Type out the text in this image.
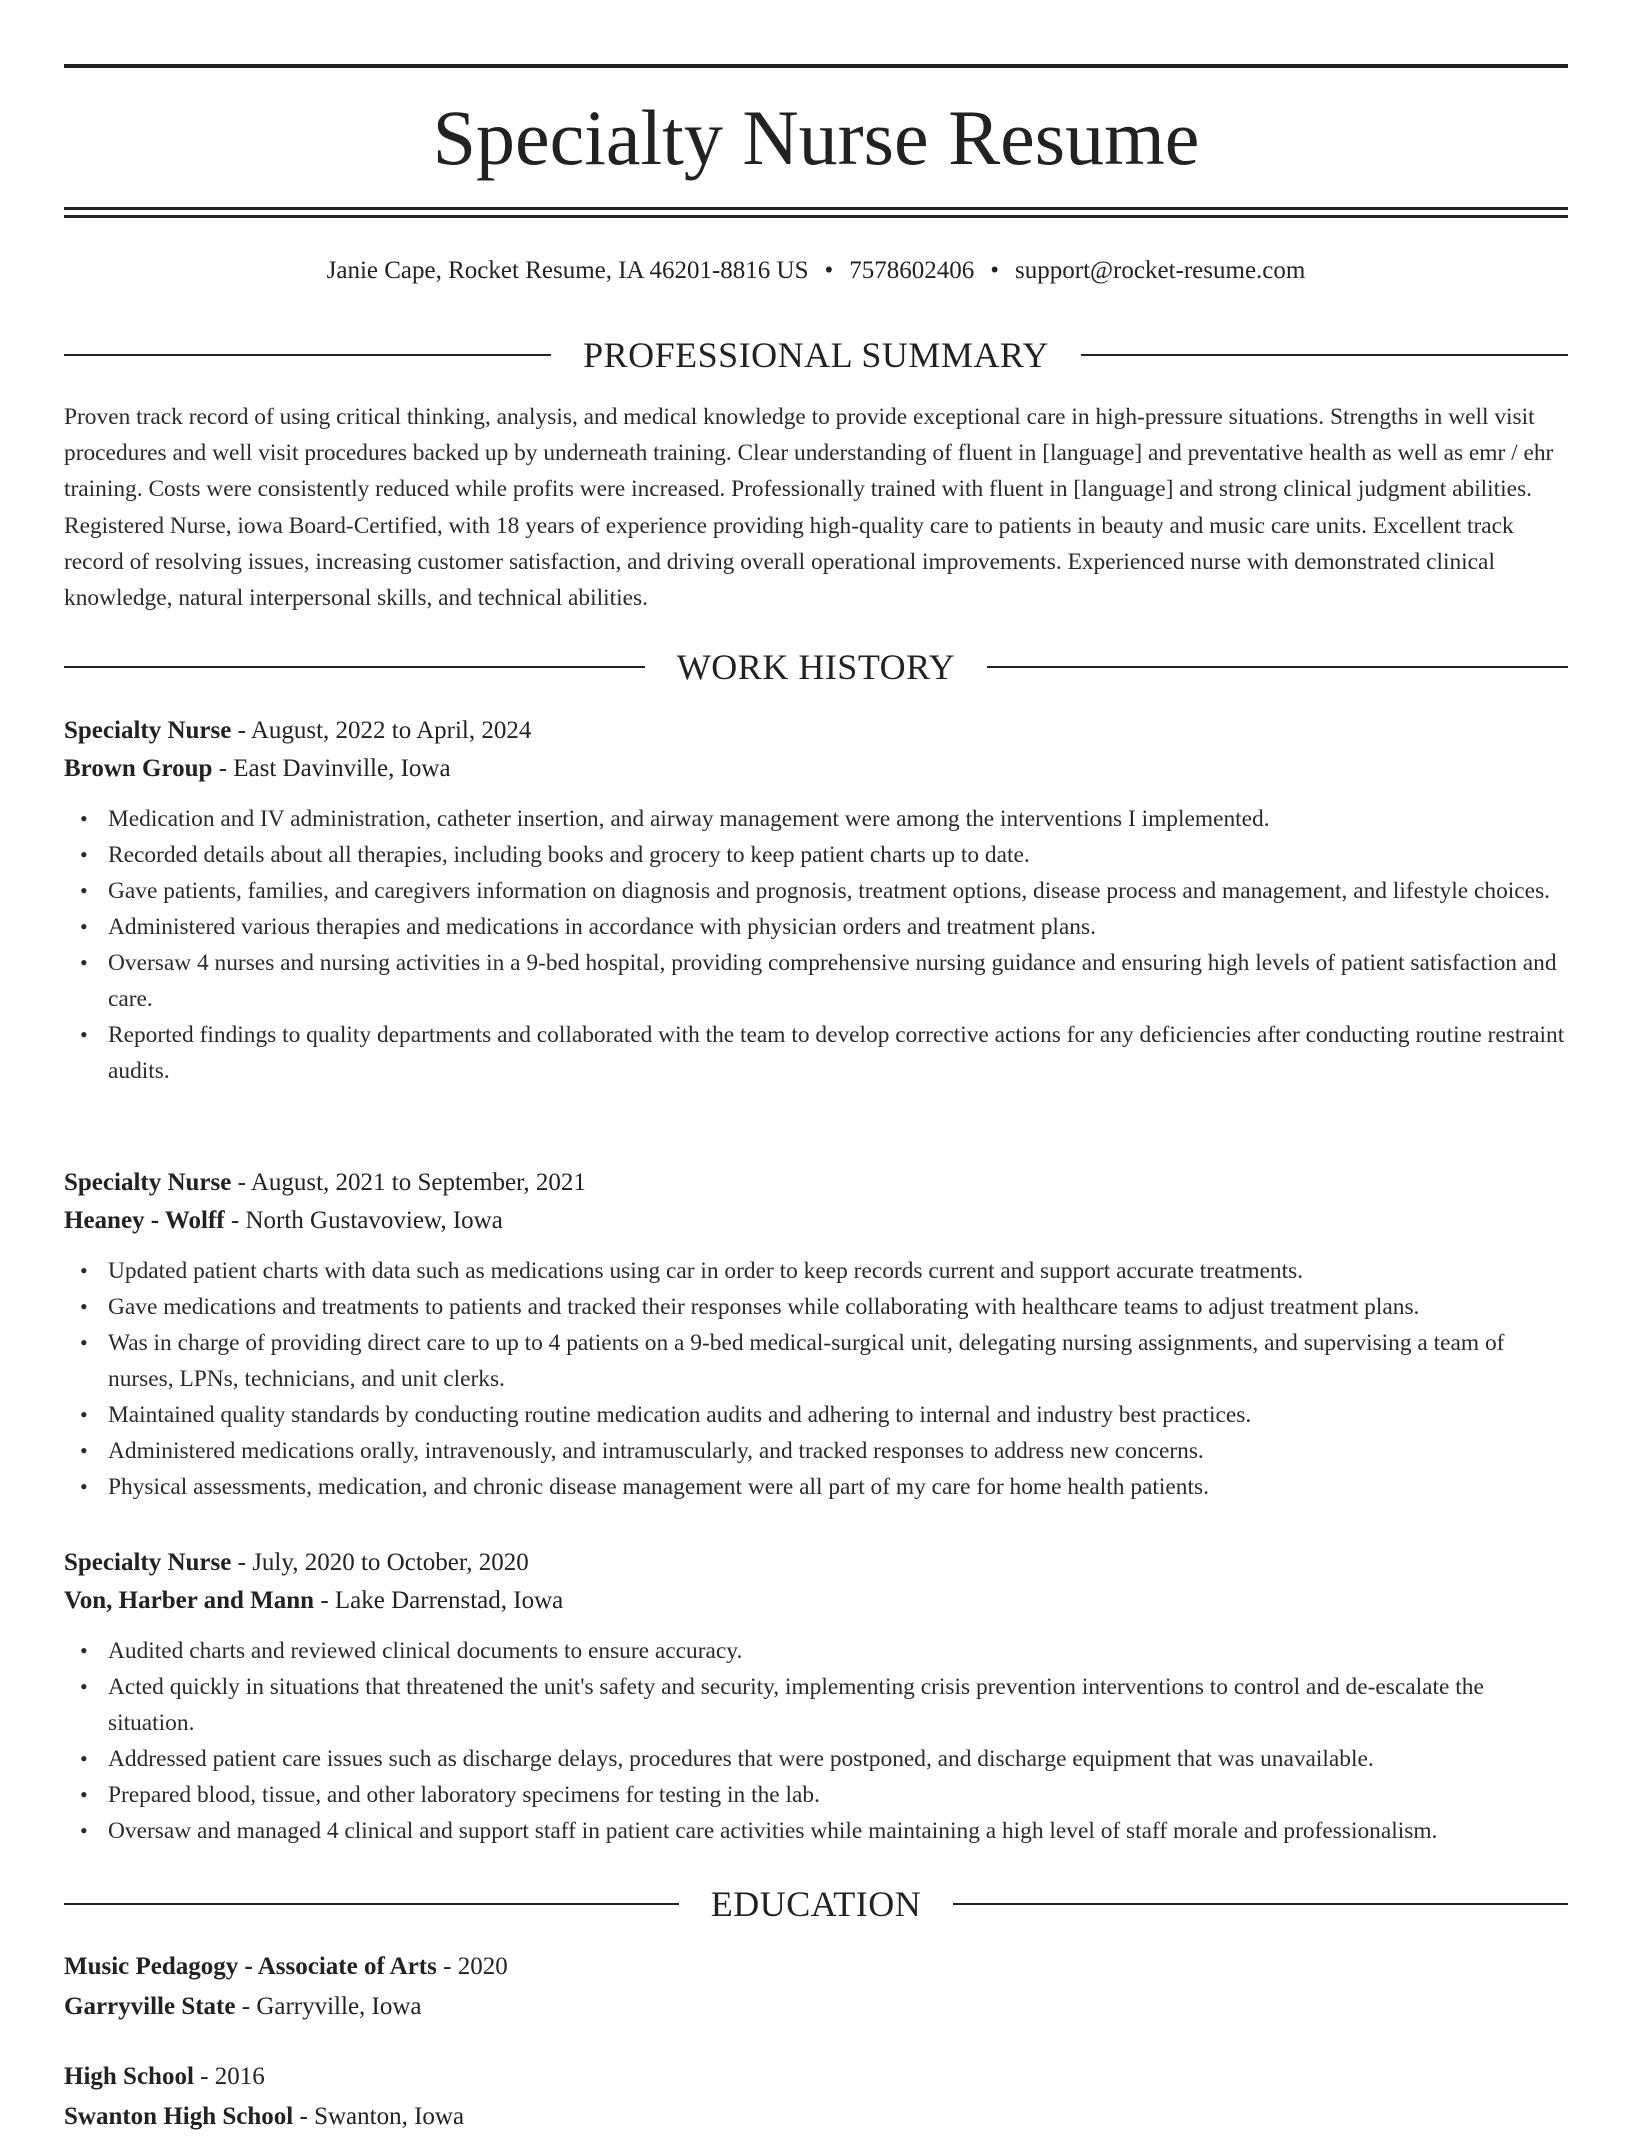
Specialty Nurse Resume
Janie Cape, Rocket Resume, IA 46201-8816 US • 7578602406 • support@rocket-resume.com
PROFESSIONAL SUMMARY

Proven track record of using critical thinking, analysis, and medical knowledge to provide exceptional care in high-pressure situations. Strengths in well visit procedures and well visit procedures backed up by underneath training. Clear understanding of fluent in [language] and preventative health as well as emr / ehr training. Costs were consistently reduced while profits were increased. Professionally trained with fluent in [language] and strong clinical judgment abilities. Registered Nurse, iowa Board-Certified, with 18 years of experience providing high-quality care to patients in beauty and music care units. Excellent track record of resolving issues, increasing customer satisfaction, and driving overall operational improvements. Experienced nurse with demonstrated clinical knowledge, natural interpersonal skills, and technical abilities.

WORK HISTORY
Specialty Nurse - August, 2022 to April, 2024
Brown Group - East Davinville, Iowa
• Medication and IV administration, catheter insertion, and airway management were among the interventions I implemented.
• Recorded details about all therapies, including books and grocery to keep patient charts up to date.
• Gave patients, families, and caregivers information on diagnosis and prognosis, treatment options, disease process and management, and lifestyle choices.
• Administered various therapies and medications in accordance with physician orders and treatment plans.
• Oversaw 4 nurses and nursing activities in a 9-bed hospital, providing comprehensive nursing guidance and ensuring high levels of patient satisfaction and care.
• Reported findings to quality departments and collaborated with the team to develop corrective actions for any deficiencies after conducting routine restraint audits.
Specialty Nurse - August, 2021 to September, 2021
Heaney - Wolff - North Gustavoview, Iowa
• Updated patient charts with data such as medications using car in order to keep records current and support accurate treatments.
• Gave medications and treatments to patients and tracked their responses while collaborating with healthcare teams to adjust treatment plans.
• Was in charge of providing direct care to up to 4 patients on a 9-bed medical-surgical unit, delegating nursing assignments, and supervising a team of nurses, LPNs, technicians, and unit clerks.
• Maintained quality standards by conducting routine medication audits and adhering to internal and industry best practices.
• Administered medications orally, intravenously, and intramuscularly, and tracked responses to address new concerns.
• Physical assessments, medication, and chronic disease management were all part of my care for home health patients.
Specialty Nurse - July, 2020 to October, 2020
Von, Harber and Mann - Lake Darrenstad, Iowa
• Audited charts and reviewed clinical documents to ensure accuracy.
• Acted quickly in situations that threatened the unit's safety and security, implementing crisis prevention interventions to control and de-escalate the situation.
• Addressed patient care issues such as discharge delays, procedures that were postponed, and discharge equipment that was unavailable.
• Prepared blood, tissue, and other laboratory specimens for testing in the lab.
• Oversaw and managed 4 clinical and support staff in patient care activities while maintaining a high level of staff morale and professionalism.
EDUCATION
Music Pedagogy - Associate of Arts - 2020
Garryville State - Garryville, Iowa
High School - 2016
Swanton High School - Swanton, Iowa
